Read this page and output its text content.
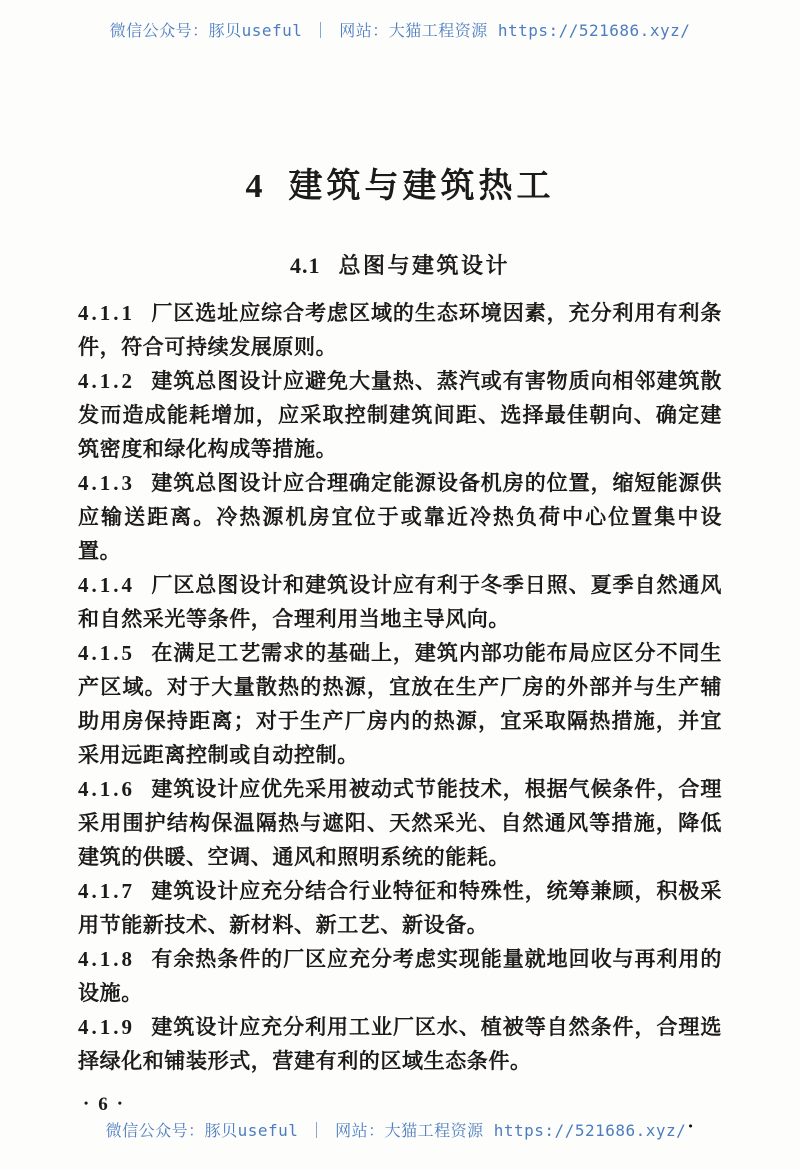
微信公众号：豚贝useful ｜ 网站：大猫工程资源 https://521686.xyz/
4 建筑与建筑热工
4.1 总图与建筑设计

4.1.1 厂区选址应综合考虑区域的生态环境因素，充分利用有利条件，符合可持续发展原则。

4.1.2 建筑总图设计应避免大量热、蒸汽或有害物质向相邻建筑散发而造成能耗增加，应采取控制建筑间距、选择最佳朝向、确定建筑密度和绿化构成等措施。

4.1.3 建筑总图设计应合理确定能源设备机房的位置，缩短能源供应输送距离。冷热源机房宜位于或靠近冷热负荷中心位置集中设置。

4.1.4 厂区总图设计和建筑设计应有利于冬季日照、夏季自然通风和自然采光等条件，合理利用当地主导风向。

4.1.5 在满足工艺需求的基础上，建筑内部功能布局应区分不同生产区域。对于大量散热的热源，宜放在生产厂房的外部并与生产辅助用房保持距离；对于生产厂房内的热源，宜采取隔热措施，并宜采用远距离控制或自动控制。

4.1.6 建筑设计应优先采用被动式节能技术，根据气候条件，合理采用围护结构保温隔热与遮阳、天然采光、自然通风等措施，降低建筑的供暖、空调、通风和照明系统的能耗。

4.1.7 建筑设计应充分结合行业特征和特殊性，统筹兼顾，积极采用节能新技术、新材料、新工艺、新设备。

4.1.8 有余热条件的厂区应充分考虑实现能量就地回收与再利用的设施。

4.1.9 建筑设计应充分利用工业厂区水、植被等自然条件，合理选择绿化和铺装形式，营建有利的区域生态条件。

• 6 •
微信公众号：豚贝useful ｜ 网站：大猫工程资源 https://521686.xyz/•
